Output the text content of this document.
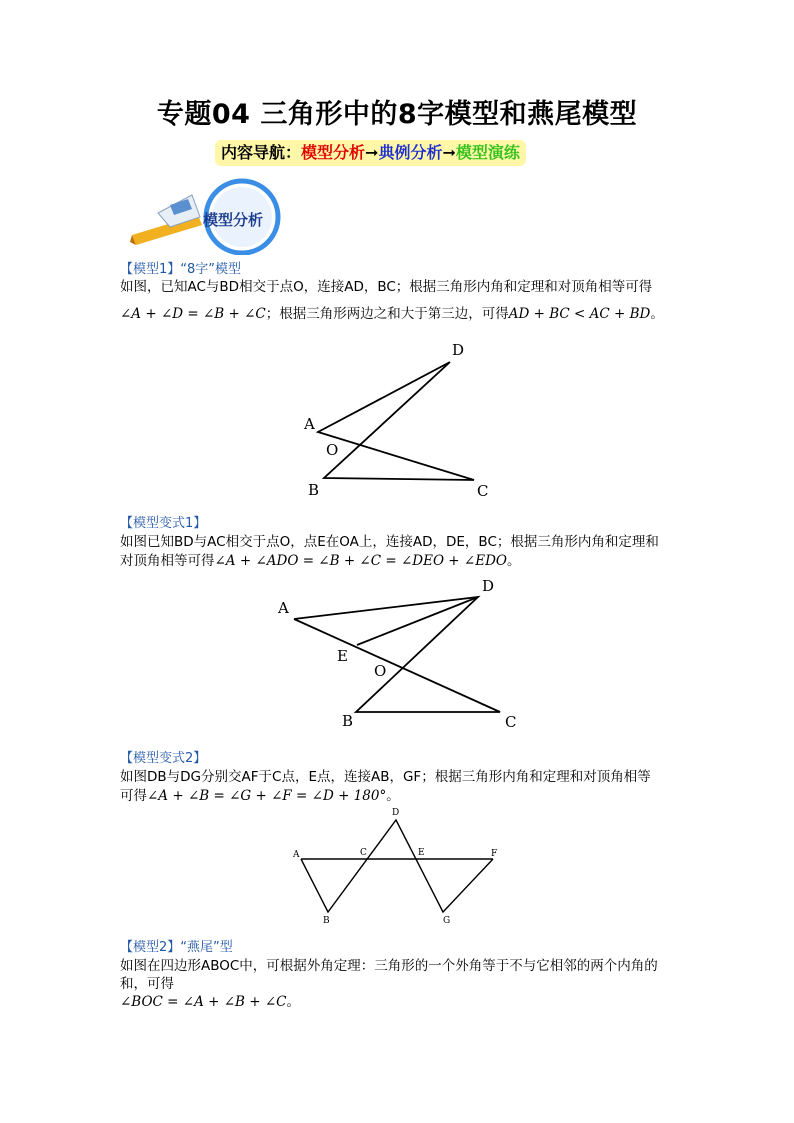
专题04 三角形中的8字模型和燕尾模型
内容导航：模型分析➞典例分析➞模型演练
模型分析
【模型1】“8字”模型
如图，已知AC与BD相交于点O，连接AD，BC；根据三角形内角和定理和对顶角相等可得
∠A + ∠D = ∠B + ∠C；根据三角形两边之和大于第三边，可得AD + BC < AC + BD。
D
A
O
B	C
【模型变式1】
如图已知BD与AC相交于点O，点E在OA上，连接AD，DE，BC；根据三角形内角和定理和
对顶角相等可得∠A + ∠ADO = ∠B + ∠C = ∠DEO + ∠EDO。
A
D
E
O
B	C
【模型变式2】
如图DB与DG分别交AF于C点，E点，连接AB，GF；根据三角形内角和定理和对顶角相等
可得∠A + ∠B = ∠G + ∠F = ∠D + 180°。
D
A	C	E	F
B	G
【模型2】“燕尾”型
如图在四边形ABOC中，可根据外角定理：三角形的一个外角等于不与它相邻的两个内角的
和，可得
∠BOC = ∠A + ∠B + ∠C。
